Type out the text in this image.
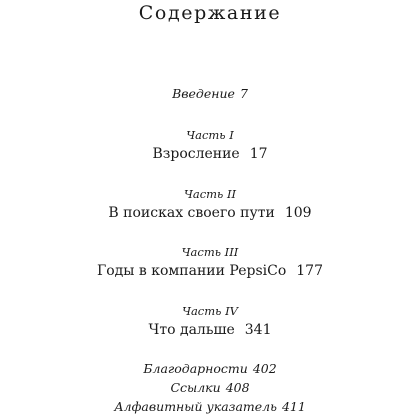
Содержание
Введение 7
Часть I
Взросление 17
Часть II
В поисках своего пути 109
Часть III
Годы в компании PepsiCo 177
Часть IV
Что дальше 341
Благодарности 402
Ссылки 408
Алфавитный указатель 411
